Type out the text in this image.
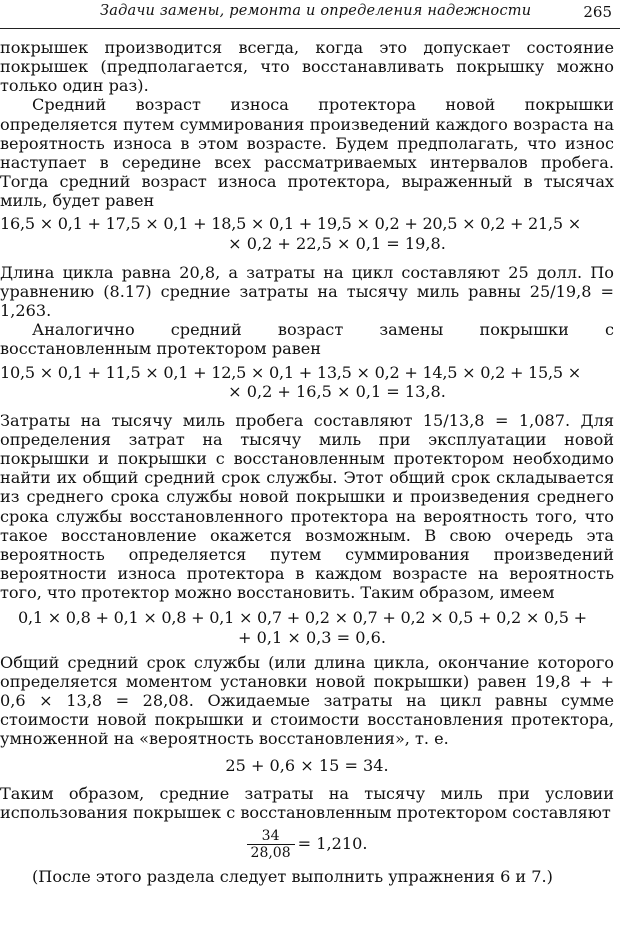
Задачи замены, ремонта и определения надежности	265

покрышек производится всегда, когда это допускает состояние покрышек (предполагается, что восстанавливать покрышку можно только один раз).

Средний возраст износа протектора новой покрышки определяется путем суммирования произведений каждого возраста на вероятность износа в этом возрасте. Будем предполагать, что износ наступает в середине всех рассматриваемых интервалов пробега. Тогда средний возраст износа протектора, выраженный в тысячах миль, будет равен

16,5 × 0,1 + 17,5 × 0,1 + 18,5 × 0,1 + 19,5 × 0,2 + 20,5 × 0,2 + 21,5 ×

× 0,2 + 22,5 × 0,1 = 19,8.

Длина цикла равна 20,8, а затраты на цикл составляют 25 долл. По уравнению (8.17) средние затраты на тысячу миль равны 25/19,8 = 1,263.

Аналогично средний возраст замены покрышки с восстановленным протектором равен

10,5 × 0,1 + 11,5 × 0,1 + 12,5 × 0,1 + 13,5 × 0,2 + 14,5 × 0,2 + 15,5 ×

× 0,2 + 16,5 × 0,1 = 13,8.

Затраты на тысячу миль пробега составляют 15/13,8 = 1,087. Для определения затрат на тысячу миль при эксплуатации новой покрышки и покрышки с восстановленным протектором необходимо найти их общий средний срок службы. Этот общий срок складывается из среднего срока службы новой покрышки и произведения среднего срока службы восстановленного протектора на вероятность того, что такое восстановление окажется возможным. В свою очередь эта вероятность определяется путем суммирования произведений вероятности износа протектора в каждом возрасте на вероятность того, что протектор можно восстановить. Таким образом, имеем

0,1 × 0,8 + 0,1 × 0,8 + 0,1 × 0,7 + 0,2 × 0,7 + 0,2 × 0,5 + 0,2 × 0,5 +

+ 0,1 × 0,3 = 0,6.

Общий средний срок службы (или длина цикла, окончание которого определяется моментом установки новой покрышки) равен 19,8 + + 0,6 × 13,8 = 28,08. Ожидаемые затраты на цикл равны сумме стоимости новой покрышки и стоимости восстановления протектора, умноженной на «вероятность восстановления», т. е.

25 + 0,6 × 15 = 34.

Таким образом, средние затраты на тысячу миль при условии использования покрышек с восстановленным протектором составляют

$\frac{34}{28,08} = 1,210$.

(После этого раздела следует выполнить упражнения 6 и 7.)
